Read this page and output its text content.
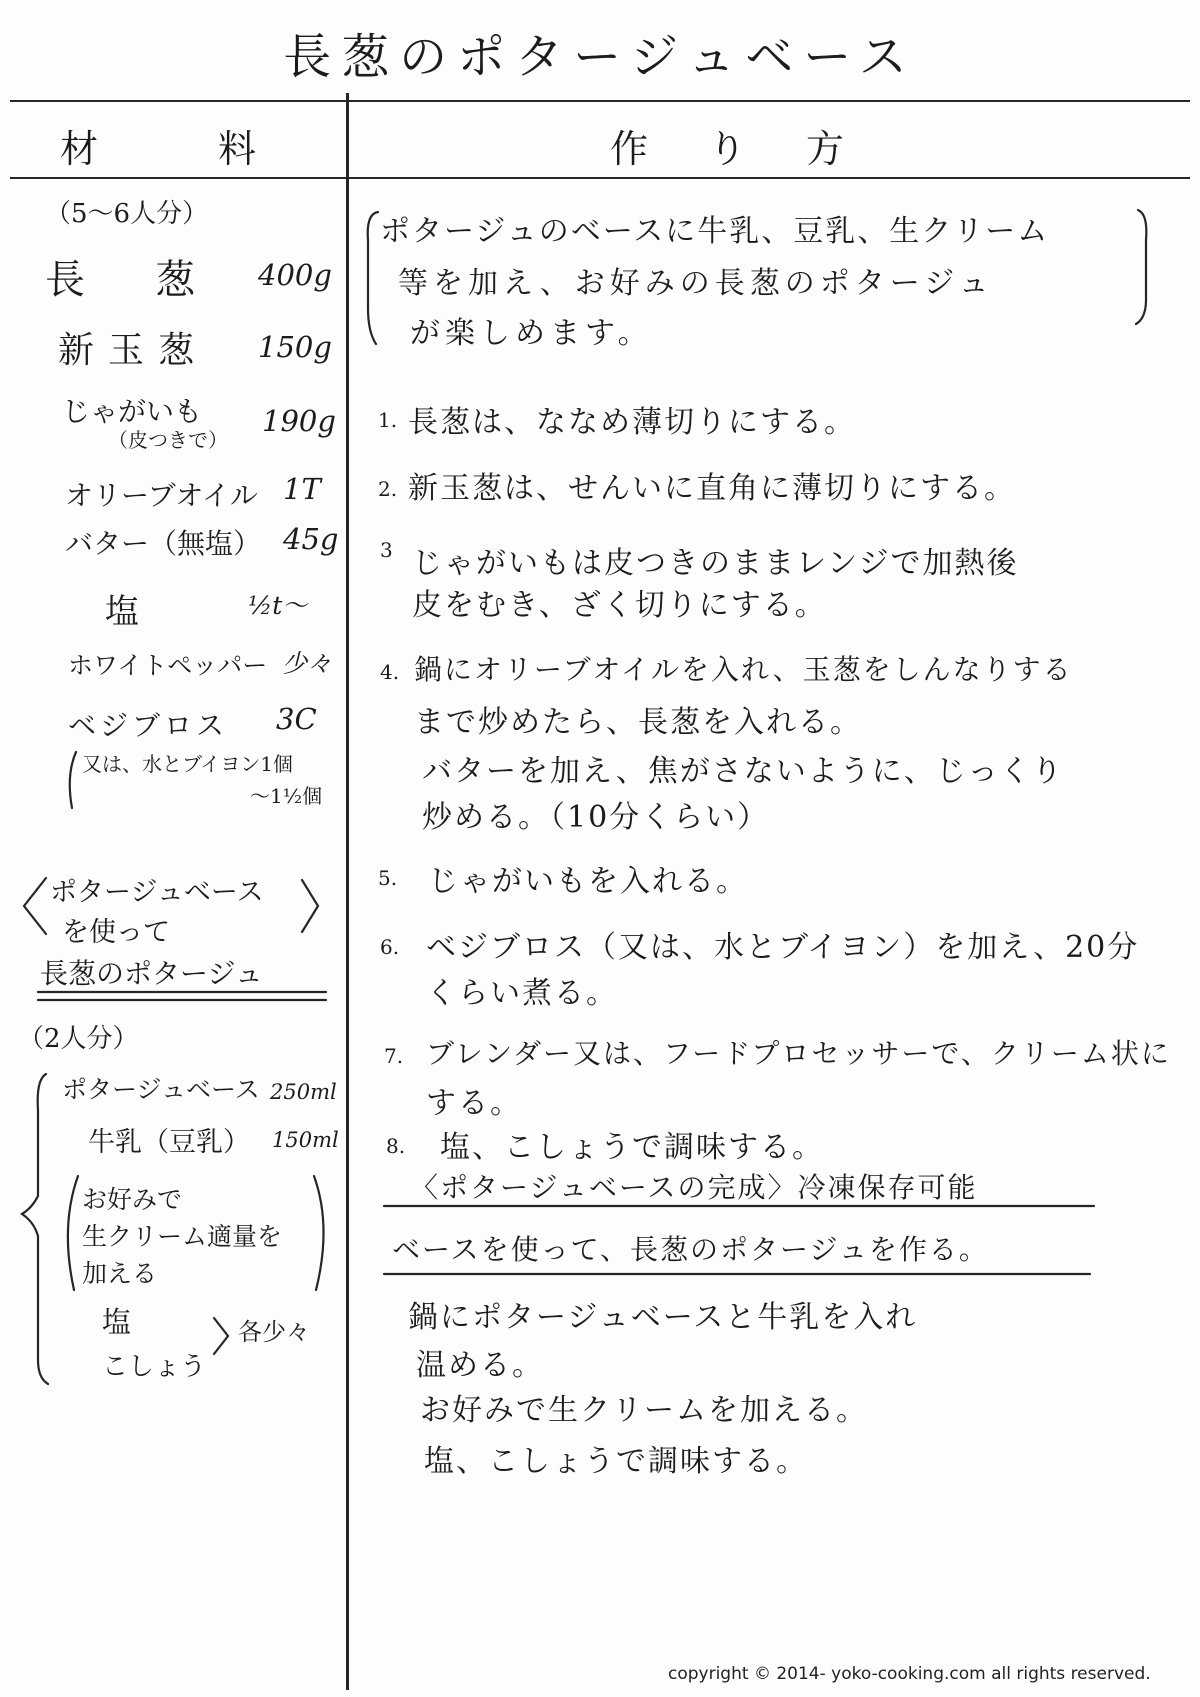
長葱のポタージュベース
材料	作り方
（5〜6人分）
長葱
400g
新玉葱 150g
じゃがいも
（皮つきで）
190g
オリーブオイル 1T
バター（無塩） 45g
塩	½t〜
ホワイトペッパー 少々
ベジブロス 3C
又は、水とブイヨン1個
〜1½個
ポタージュベース
を使って
長葱のポタージュ
（2人分）
ポタージュベース 250ml
牛乳（豆乳） 150ml
お好みで
生クリーム適量を
加える
塩
こしょう
各少々
ポタージュのベースに牛乳、豆乳、生クリーム
等を加え、お好みの長葱のポタージュ
が楽しめます。
1. 長葱は、ななめ薄切りにする。
2. 新玉葱は、せんいに直角に薄切りにする。
3 じゃがいもは皮つきのままレンジで加熱後
皮をむき、ざく切りにする。
4. 鍋にオリーブオイルを入れ、玉葱をしんなりする
まで炒めたら、長葱を入れる。
バターを加え、焦がさないように、じっくり
炒める。（10分くらい）
5. じゃがいもを入れる。
6. ベジブロス（又は、水とブイヨン）を加え、20分
くらい煮る。
7. ブレンダー又は、フードプロセッサーで、クリーム状に
する。
8. 塩、こしょうで調味する。
〈ポタージュベースの完成〉冷凍保存可能
ベースを使って、長葱のポタージュを作る。
鍋にポタージュベースと牛乳を入れ
温める。
お好みで生クリームを加える。
塩、こしょうで調味する。
copyright © 2014- yoko-cooking.com all rights reserved.
